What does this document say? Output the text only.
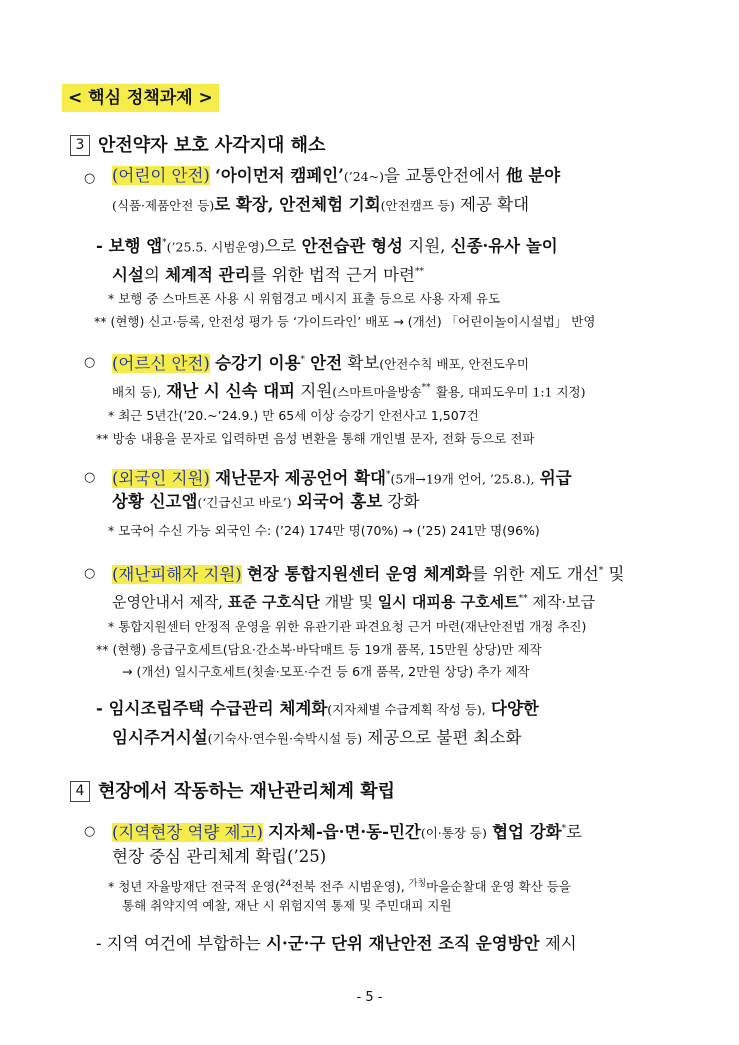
< 핵심 정책과제 >
3 안전약자 보호 사각지대 해소
○ (어린이 안전) ‘아이먼저 캠페인’(’24~)을 교통안전에서 他 분야
(식품·제품안전 등)로 확장, 안전체험 기회(안전캠프 등) 제공 확대
- 보행 앱*(’25.5. 시범운영)으로 안전습관 형성 지원, 신종·유사 놀이
시설의 체계적 관리를 위한 법적 근거 마련**
* 보행 중 스마트폰 사용 시 위험경고 메시지 표출 등으로 사용 자제 유도
** (현행) 신고·등록, 안전성 평가 등 ‘가이드라인’ 배포 → (개선) 「어린이놀이시설법」 반영
○ (어르신 안전) 승강기 이용* 안전 확보(안전수칙 배포, 안전도우미
배치 등), 재난 시 신속 대피 지원(스마트마을방송** 활용, 대피도우미 1:1 지정)
* 최근 5년간(’20.~’24.9.) 만 65세 이상 승강기 안전사고 1,507건
** 방송 내용을 문자로 입력하면 음성 변환을 통해 개인별 문자, 전화 등으로 전파
○ (외국인 지원) 재난문자 제공언어 확대*(5개→19개 언어, ’25.8.), 위급
상황 신고앱(‘긴급신고 바로’) 외국어 홍보 강화
* 모국어 수신 가능 외국인 수: (’24) 174만 명(70%) → (’25) 241만 명(96%)
○ (재난피해자 지원) 현장 통합지원센터 운영 체계화를 위한 제도 개선* 및
운영안내서 제작, 표준 구호식단 개발 및 일시 대피용 구호세트** 제작·보급
* 통합지원센터 안정적 운영을 위한 유관기관 파견요청 근거 마련(재난안전법 개정 추진)
** (현행) 응급구호세트(담요·간소복·바닥매트 등 19개 품목, 15만원 상당)만 제작
→ (개선) 일시구호세트(칫솔·모포·수건 등 6개 품목, 2만원 상당) 추가 제작
- 임시조립주택 수급관리 체계화(지자체별 수급계획 작성 등), 다양한
임시주거시설(기숙사·연수원·숙박시설 등) 제공으로 불편 최소화
4 현장에서 작동하는 재난관리체계 확립
○ (지역현장 역량 제고) 지자체-읍·면·동-민간(이·통장 등) 협업 강화*로
현장 중심 관리체계 확립(’25)
* 청년 자율방재단 전국적 운영($^{24}$전북 전주 시범운영), $^{가칭}$마을순찰대 운영 확산 등을
통해 취약지역 예찰, 재난 시 위험지역 통제 및 주민대피 지원
- 지역 여건에 부합하는 시·군·구 단위 재난안전 조직 운영방안 제시
- 5 -
